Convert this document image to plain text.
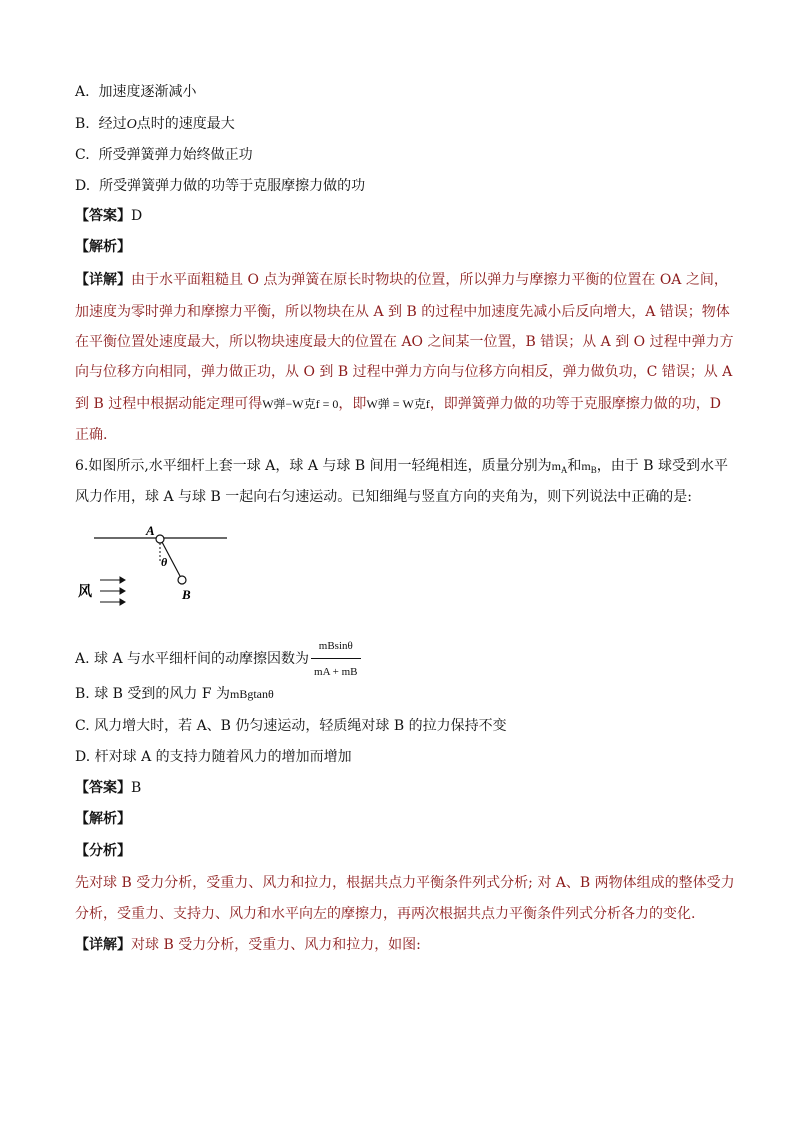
A. 加速度逐渐减小
B. 经过O点时的速度最大
C. 所受弹簧弹力始终做正功
D. 所受弹簧弹力做的功等于克服摩擦力做的功
【答案】D
【解析】
【详解】由于水平面粗糙且 O 点为弹簧在原长时物块的位置，所以弹力与摩擦力平衡的位置在 OA 之间，
加速度为零时弹力和摩擦力平衡，所以物块在从 A 到 B 的过程中加速度先减小后反向增大，A 错误；物体
在平衡位置处速度最大，所以物块速度最大的位置在 AO 之间某一位置，B 错误；从 A 到 O 过程中弹力方
向与位移方向相同，弹力做正功，从 O 到 B 过程中弹力方向与位移方向相反，弹力做负功，C 错误；从 A
到 B 过程中根据动能定理可得W弹−W克f = 0，即W弹 = W克f，即弹簧弹力做的功等于克服摩擦力做的功，D
正确.
6.如图所示,水平细杆上套一球 A，球 A 与球 B 间用一轻绳相连，质量分别为$m_A$和$m_B$，由于 B 球受到水平
风力作用，球 A 与球 B 一起向右匀速运动。已知细绳与竖直方向的夹角为，则下列说法中正确的是:
A
θ
B
风
A. 球 A 与水平细杆间的动摩擦因数为 $\frac{mBsin\theta}{mA + mB}$
B. 球 B 受到的风力 F 为mBgtanθ
C. 风力增大时，若 A、B 仍匀速运动，轻质绳对球 B 的拉力保持不变
D. 杆对球 A 的支持力随着风力的增加而增加
【答案】B
【解析】
【分析】
先对球 B 受力分析，受重力、风力和拉力，根据共点力平衡条件列式分析; 对 A、B 两物体组成的整体受力
分析，受重力、支持力、风力和水平向左的摩擦力，再两次根据共点力平衡条件列式分析各力的变化.
【详解】对球 B 受力分析，受重力、风力和拉力，如图:
